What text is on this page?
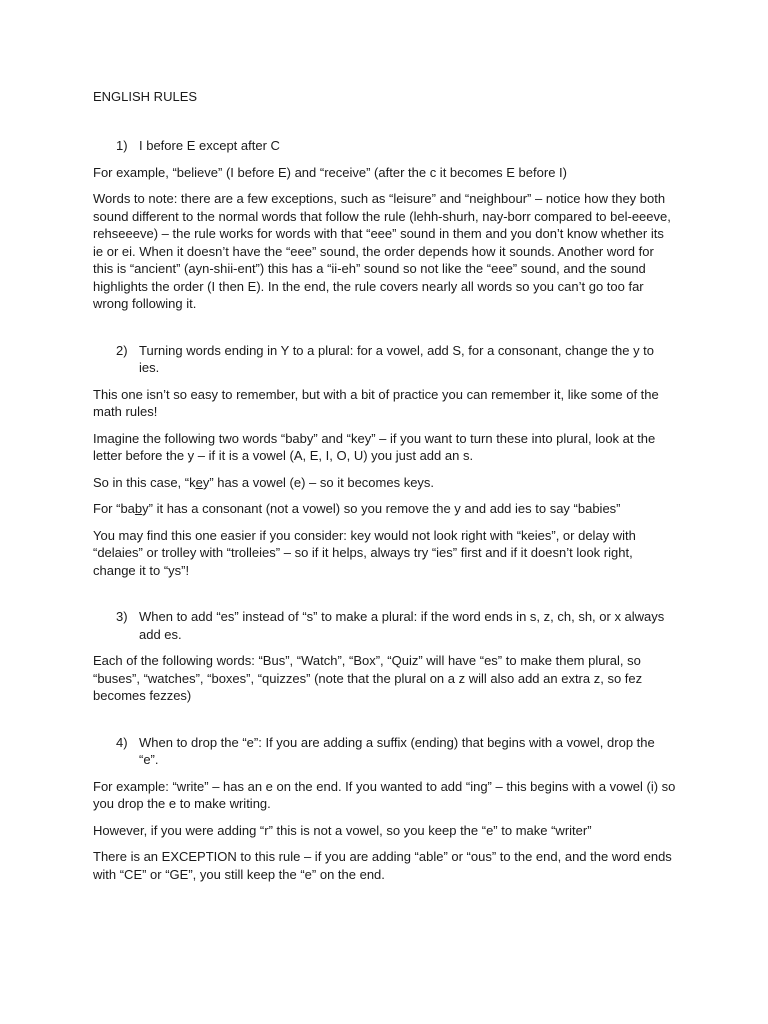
ENGLISH RULES
1) I before E except after C

For example, “believe” (I before E) and “receive” (after the c it becomes E before I)

Words to note: there are a few exceptions, such as “leisure” and “neighbour” – notice how they both sound different to the normal words that follow the rule (lehh-shurh, nay-borr compared to bel-eeeve, rehseeeve) – the rule works for words with that “eee” sound in them and you don’t know whether its ie or ei. When it doesn’t have the “eee” sound, the order depends how it sounds. Another word for this is “ancient” (ayn-shii-ent”) this has a “ii-eh” sound so not like the “eee” sound, and the sound highlights the order (I then E). In the end, the rule covers nearly all words so you can’t go too far wrong following it.

2) Turning words ending in Y to a plural: for a vowel, add S, for a consonant, change the y to ies.

This one isn’t so easy to remember, but with a bit of practice you can remember it, like some of the math rules!

Imagine the following two words “baby” and “key” – if you want to turn these into plural, look at the letter before the y – if it is a vowel (A, E, I, O, U) you just add an s.

So in this case, “key” has a vowel (e) – so it becomes keys.

For “baby” it has a consonant (not a vowel) so you remove the y and add ies to say “babies”

You may find this one easier if you consider: key would not look right with “keies”, or delay with “delaies” or trolley with “trolleies” – so if it helps, always try “ies” first and if it doesn’t look right, change it to “ys”!

3) When to add “es” instead of “s” to make a plural: if the word ends in s, z, ch, sh, or x always add es.

Each of the following words: “Bus”, “Watch”, “Box”, “Quiz” will have “es” to make them plural, so “buses”, “watches”, “boxes”, “quizzes” (note that the plural on a z will also add an extra z, so fez becomes fezzes)

4) When to drop the “e”: If you are adding a suffix (ending) that begins with a vowel, drop the “e”.

For example: “write” – has an e on the end. If you wanted to add “ing” – this begins with a vowel (i) so you drop the e to make writing.

However, if you were adding “r” this is not a vowel, so you keep the “e” to make “writer”

There is an EXCEPTION to this rule – if you are adding “able” or “ous” to the end, and the word ends with “CE” or “GE”, you still keep the “e” on the end.
